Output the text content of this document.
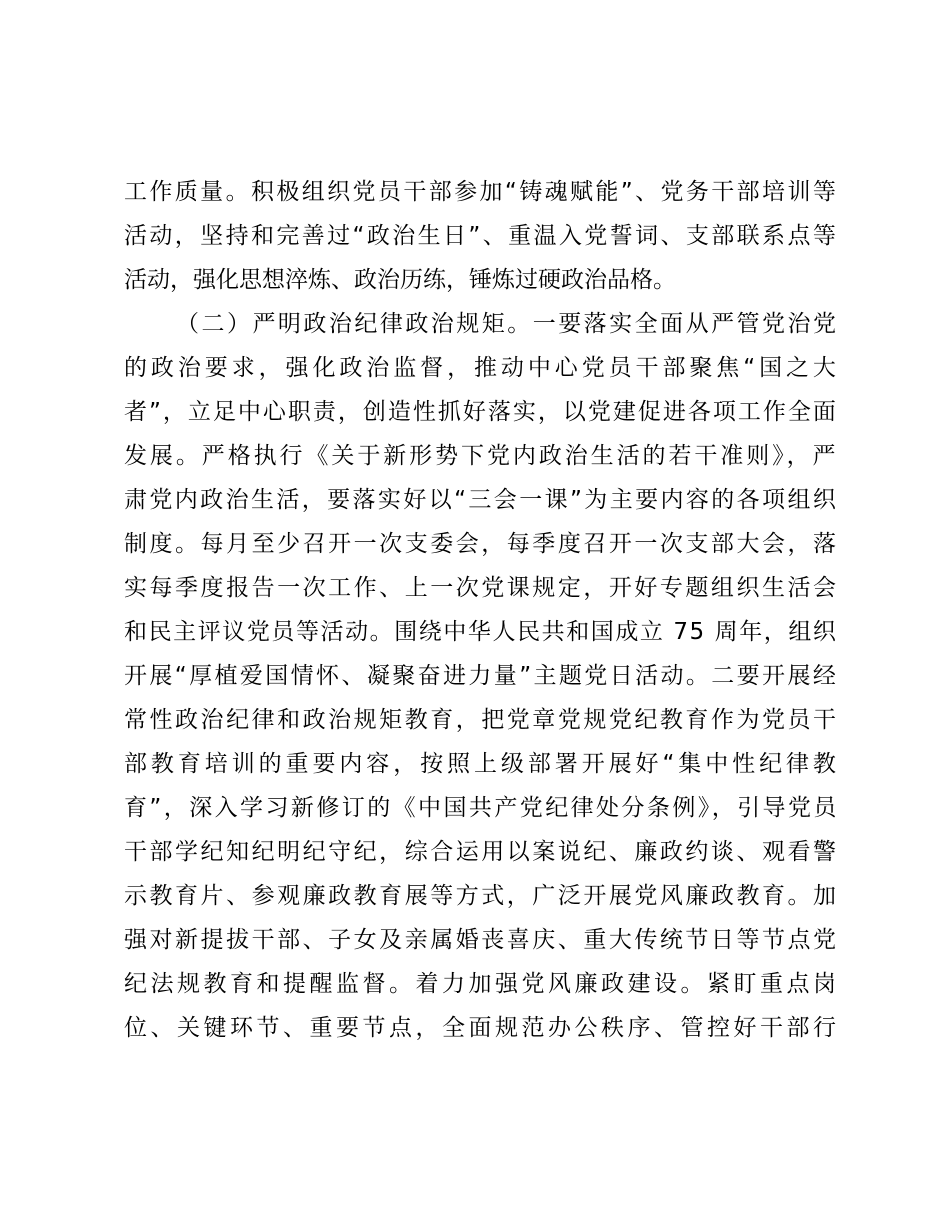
工作质量。积极组织党员干部参加“铸魂赋能”、党务干部培训等
活动，坚持和完善过“政治生日”、重温入党誓词、支部联系点等
活动，强化思想淬炼、政治历练，锤炼过硬政治品格。
（二）严明政治纪律政治规矩。一要落实全面从严管党治党
的政治要求，强化政治监督，推动中心党员干部聚焦“国之大
者”，立足中心职责，创造性抓好落实，以党建促进各项工作全面
发展。严格执行《关于新形势下党内政治生活的若干准则》，严
肃党内政治生活，要落实好以“三会一课”为主要内容的各项组织
制度。每月至少召开一次支委会，每季度召开一次支部大会，落
实每季度报告一次工作、上一次党课规定，开好专题组织生活会
和民主评议党员等活动。围绕中华人民共和国成立 75 周年，组织
开展“厚植爱国情怀、凝聚奋进力量”主题党日活动。二要开展经
常性政治纪律和政治规矩教育，把党章党规党纪教育作为党员干
部教育培训的重要内容，按照上级部署开展好“集中性纪律教
育”，深入学习新修订的《中国共产党纪律处分条例》，引导党员
干部学纪知纪明纪守纪，综合运用以案说纪、廉政约谈、观看警
示教育片、参观廉政教育展等方式，广泛开展党风廉政教育。加
强对新提拔干部、子女及亲属婚丧喜庆、重大传统节日等节点党
纪法规教育和提醒监督。着力加强党风廉政建设。紧盯重点岗
位、关键环节、重要节点，全面规范办公秩序、管控好干部行
